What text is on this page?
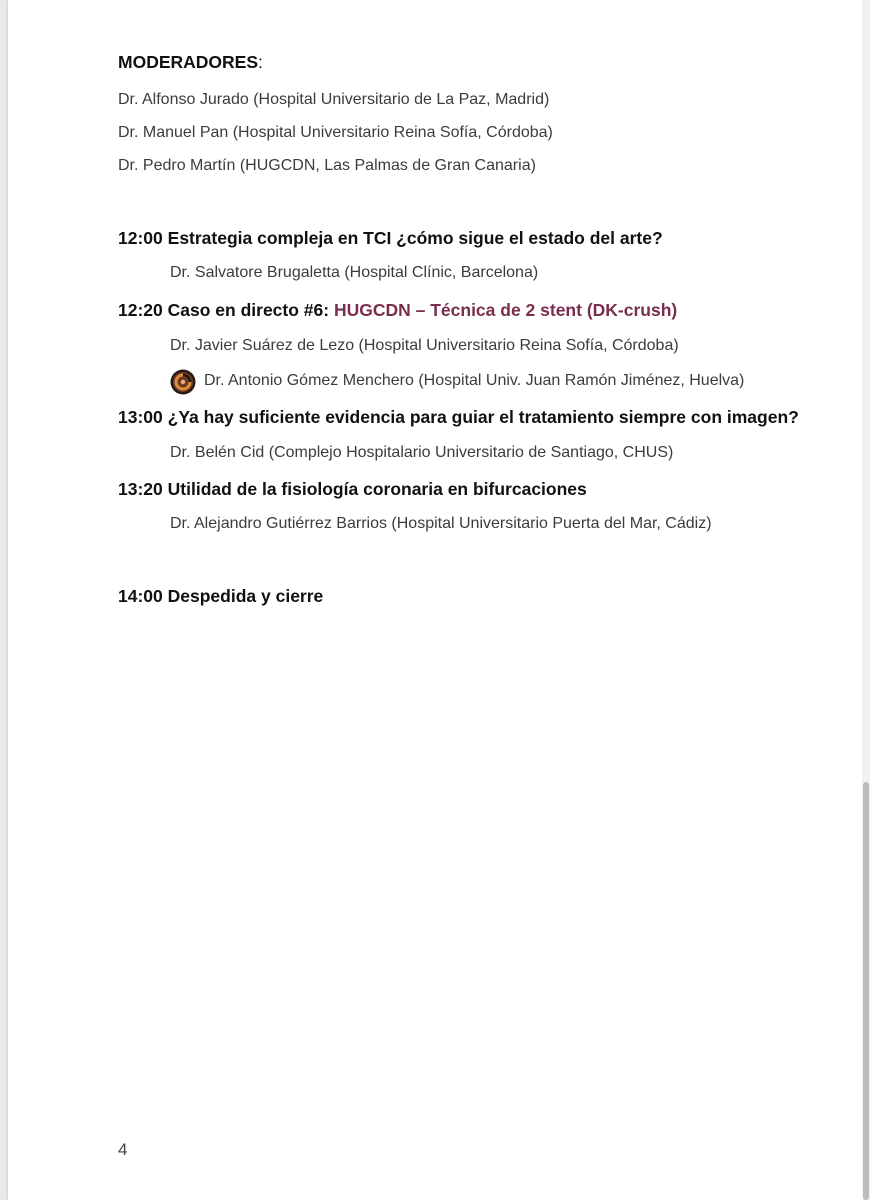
MODERADORES:
Dr. Alfonso Jurado (Hospital Universitario de La Paz, Madrid)
Dr. Manuel Pan (Hospital Universitario Reina Sofía, Córdoba)
Dr. Pedro Martín (HUGCDN, Las Palmas de Gran Canaria)
12:00 Estrategia compleja en TCI ¿cómo sigue el estado del arte?
Dr. Salvatore Brugaletta (Hospital Clínic, Barcelona)
12:20 Caso en directo #6: HUGCDN – Técnica de 2 stent (DK-crush)
Dr. Javier Suárez de Lezo (Hospital Universitario Reina Sofía, Córdoba)
Dr. Antonio Gómez Menchero (Hospital Univ. Juan Ramón Jiménez, Huelva)
13:00 ¿Ya hay suficiente evidencia para guiar el tratamiento siempre con imagen?
Dr. Belén Cid (Complejo Hospitalario Universitario de Santiago, CHUS)
13:20 Utilidad de la fisiología coronaria en bifurcaciones
Dr. Alejandro Gutiérrez Barrios (Hospital Universitario Puerta del Mar, Cádiz)
14:00 Despedida y cierre
4
